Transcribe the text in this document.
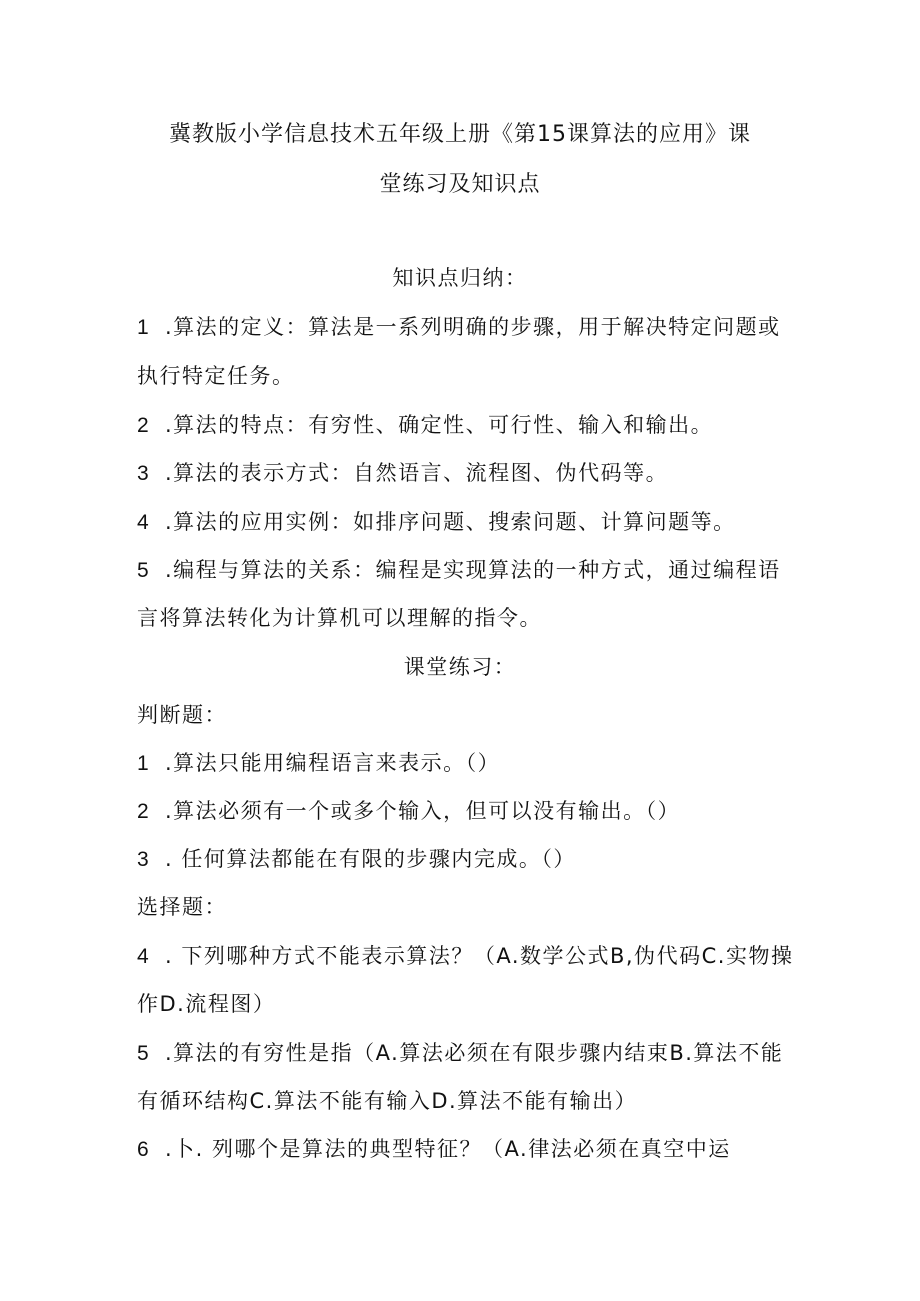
冀教版小学信息技术五年级上册《第15课算法的应用》课
堂练习及知识点
知识点归纳：
1 .算法的定义：算法是一系列明确的步骤，用于解决特定问题或
执行特定任务。
2 .算法的特点：有穷性、确定性、可行性、输入和输出。
3 .算法的表示方式：自然语言、流程图、伪代码等。
4 .算法的应用实例：如排序问题、搜索问题、计算问题等。
5 .编程与算法的关系：编程是实现算法的一种方式，通过编程语
言将算法转化为计算机可以理解的指令。
课堂练习：
判断题：
1 .算法只能用编程语言来表示。（）
2 .算法必须有一个或多个输入，但可以没有输出。（）
3 . 任何算法都能在有限的步骤内完成。（）
选择题：
4 . 下列哪种方式不能表示算法？（A.数学公式B,伪代码C.实物操
作D.流程图）
5 .算法的有穷性是指（A.算法必须在有限步骤内结束B.算法不能
有循环结构C.算法不能有输入D.算法不能有输出）
6 .卜. 列哪个是算法的典型特征？（A.律法必须在真空中运
